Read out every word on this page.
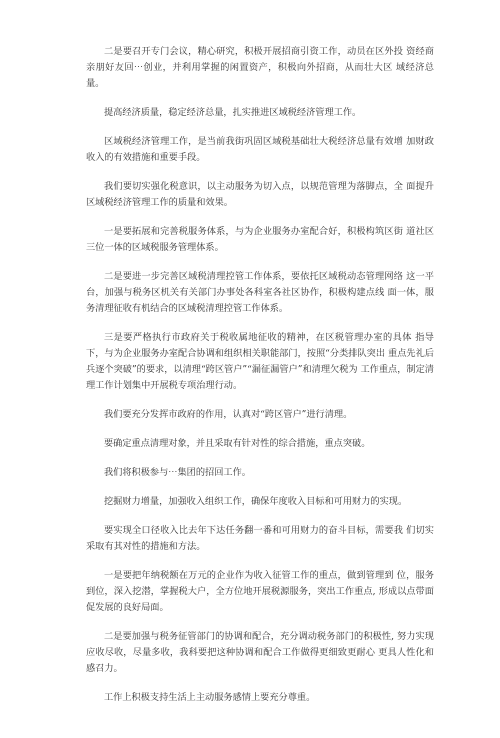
二是要召开专门会议，精心研究，积极开展招商引资工作，动员在区外投 资经商亲朋好友回⋯创业，并利用掌握的闲置资产，积极向外招商，从而壮大区 域经济总量。

提高经济质量，稳定经济总量，扎实推进区域税经济管理工作。

区域税经济管理工作，是当前我街巩固区域税基础壮大税经济总量有效增 加财政收入的有效措施和重要手段。

我们要切实强化税意识，以主动服务为切入点，以规范管理为落脚点，全 面提升区域税经济管理工作的质量和效果。

一是要拓展和完善税服务体系，与为企业服务办室配合好，积极构筑区街 道社区三位一体的区域税服务管理体系。

二是要进一步完善区域税清理控管工作体系，要依托区域税动态管理网络 这一平台，加强与税务区机关有关部门办事处各科室各社区协作，积极构建点线 面一体，服务清理征收有机结合的区域税清理控管工作体系。

三是要严格执行市政府关于税收属地征收的精神，在区税管理办室的具体 指导下，与为企业服务办室配合协调和组织相关职能部门，按照“分类排队突出 重点先礼后兵逐个突破”的要求，以清理“跨区管户”“漏征漏管户”和清理欠税为 工作重点，制定清理工作计划集中开展税专项治理行动。

我们要充分发挥市政府的作用，认真对“跨区管户”进行清理。

要确定重点清理对象，并且采取有针对性的综合措施，重点突破。

我们将积极参与⋯集团的招回工作。

挖掘财力增量，加强收入组织工作，确保年度收入目标和可用财力的实现。

要实现全口径收入比去年下达任务翻一番和可用财力的奋斗目标，需要我 们切实采取有其对性的措施和方法。

一是要把年纳税额在万元的企业作为收入征管工作的重点，做到管理到 位，服务到位，深入挖潜，掌握税大户，全方位地开展税源服务，突出工作重点, 形成以点带面促发展的良好局面。

二是要加强与税务征管部门的协调和配合，充分调动税务部门的积极性, 努力实现应收尽收，尽量多收，我科要把这种协调和配合工作做得更细致更耐心 更具人性化和感召力。

工作上积极支持生活上主动服务感情上要充分尊重。
